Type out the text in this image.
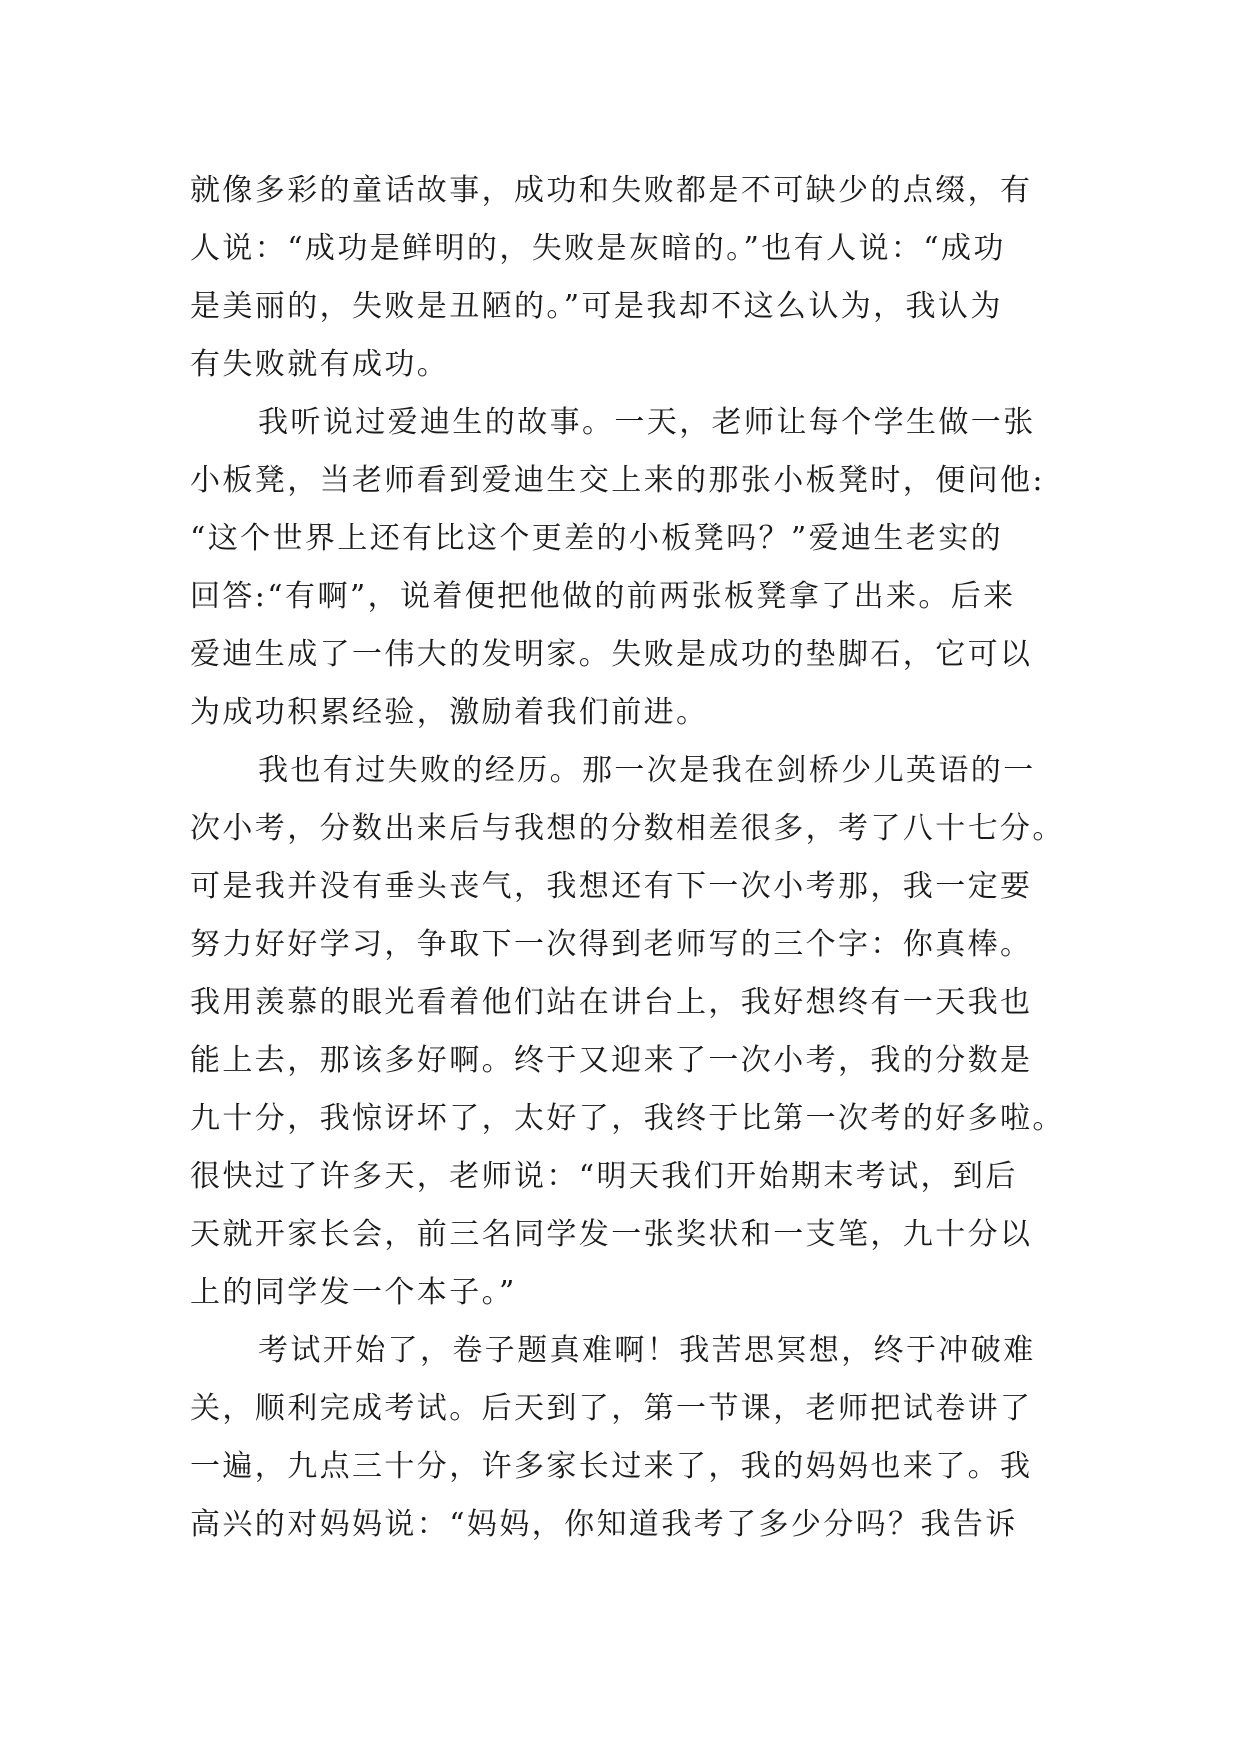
就像多彩的童话故事，成功和失败都是不可缺少的点缀，有
人说：“成功是鲜明的，失败是灰暗的。”也有人说：“成功
是美丽的，失败是丑陋的。”可是我却不这么认为，我认为
有失败就有成功。
我听说过爱迪生的故事。一天，老师让每个学生做一张
小板凳，当老师看到爱迪生交上来的那张小板凳时，便问他:
“这个世界上还有比这个更差的小板凳吗？”爱迪生老实的
回答:“有啊”，说着便把他做的前两张板凳拿了出来。后来
爱迪生成了一伟大的发明家。失败是成功的垫脚石，它可以
为成功积累经验，激励着我们前进。
我也有过失败的经历。那一次是我在剑桥少儿英语的一
次小考，分数出来后与我想的分数相差很多，考了八十七分。
可是我并没有垂头丧气，我想还有下一次小考那，我一定要
努力好好学习，争取下一次得到老师写的三个字：你真棒。
我用羡慕的眼光看着他们站在讲台上，我好想终有一天我也
能上去，那该多好啊。终于又迎来了一次小考，我的分数是
九十分，我惊讶坏了，太好了，我终于比第一次考的好多啦。
很快过了许多天，老师说：“明天我们开始期末考试，到后
天就开家长会，前三名同学发一张奖状和一支笔，九十分以
上的同学发一个本子。”
考试开始了，卷子题真难啊！我苦思冥想，终于冲破难
关，顺利完成考试。后天到了，第一节课，老师把试卷讲了
一遍，九点三十分，许多家长过来了，我的妈妈也来了。我
高兴的对妈妈说：“妈妈，你知道我考了多少分吗？我告诉
